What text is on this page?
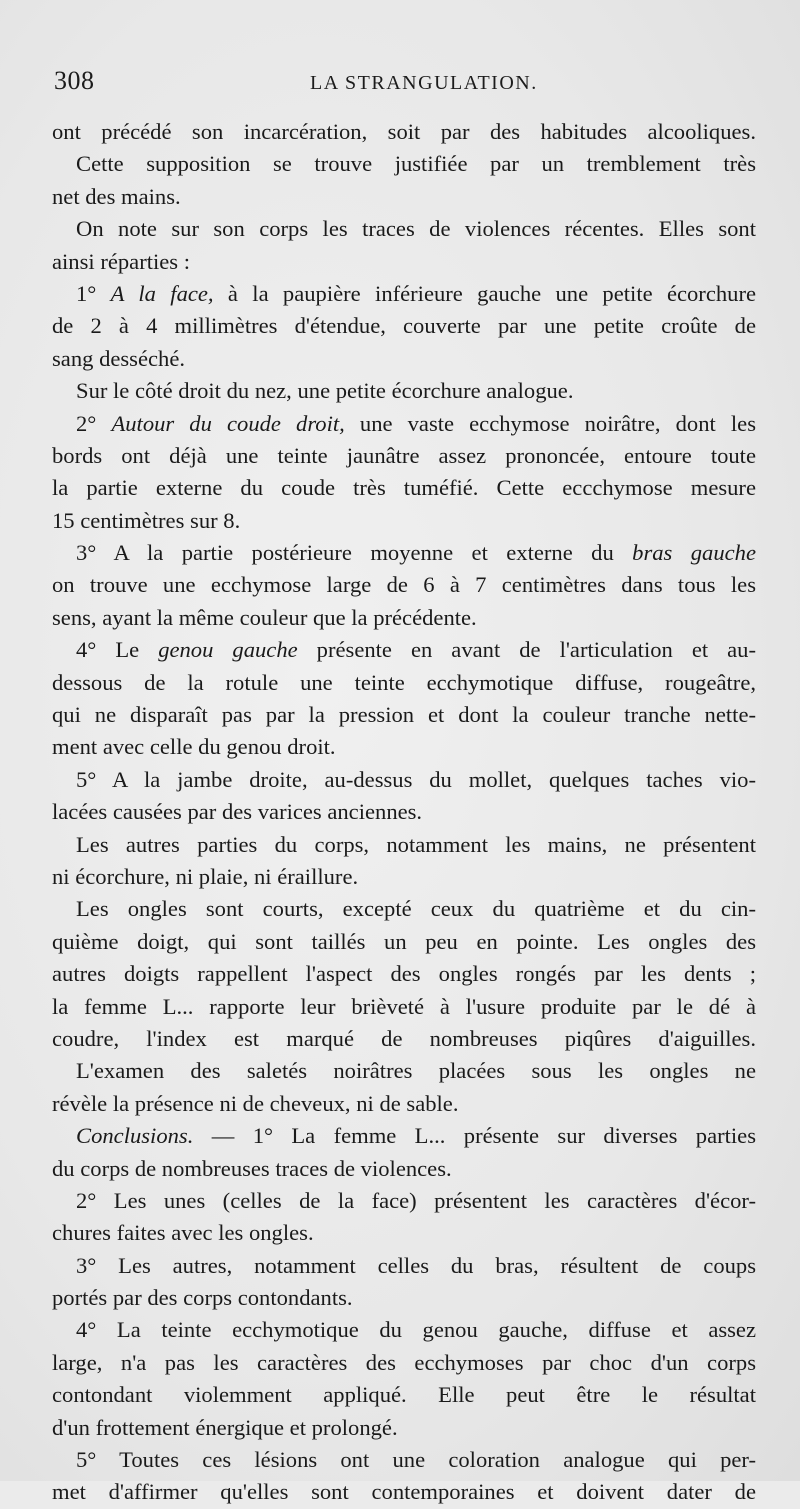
308	LA STRANGULATION.
ont précédé son incarcération, soit par des habitudes alcooliques.
Cette supposition se trouve justifiée par un tremblement très
net des mains.
On note sur son corps les traces de violences récentes. Elles sont
ainsi réparties :
1° A la face, à la paupière inférieure gauche une petite écorchure
de 2 à 4 millimètres d'étendue, couverte par une petite croûte de
sang desséché.
Sur le côté droit du nez, une petite écorchure analogue.
2° Autour du coude droit, une vaste ecchymose noirâtre, dont les
bords ont déjà une teinte jaunâtre assez prononcée, entoure toute
la partie externe du coude très tuméfié. Cette eccchymose mesure
15 centimètres sur 8.
3° A la partie postérieure moyenne et externe du bras gauche
on trouve une ecchymose large de 6 à 7 centimètres dans tous les
sens, ayant la même couleur que la précédente.
4° Le genou gauche présente en avant de l'articulation et au-
dessous de la rotule une teinte ecchymotique diffuse, rougeâtre,
qui ne disparaît pas par la pression et dont la couleur tranche nette-
ment avec celle du genou droit.
5° A la jambe droite, au-dessus du mollet, quelques taches vio-
lacées causées par des varices anciennes.
Les autres parties du corps, notamment les mains, ne présentent
ni écorchure, ni plaie, ni éraillure.
Les ongles sont courts, excepté ceux du quatrième et du cin-
quième doigt, qui sont taillés un peu en pointe. Les ongles des
autres doigts rappellent l'aspect des ongles rongés par les dents ;
la femme L... rapporte leur brièveté à l'usure produite par le dé à
coudre, l'index est marqué de nombreuses piqûres d'aiguilles.
L'examen des saletés noirâtres placées sous les ongles ne
révèle la présence ni de cheveux, ni de sable.
Conclusions. — 1° La femme L... présente sur diverses parties
du corps de nombreuses traces de violences.
2° Les unes (celles de la face) présentent les caractères d'écor-
chures faites avec les ongles.
3° Les autres, notamment celles du bras, résultent de coups
portés par des corps contondants.
4° La teinte ecchymotique du genou gauche, diffuse et assez
large, n'a pas les caractères des ecchymoses par choc d'un corps
contondant violemment appliqué. Elle peut être le résultat
d'un frottement énergique et prolongé.
5° Toutes ces lésions ont une coloration analogue qui per-
met d'affirmer qu'elles sont contemporaines et doivent dater de
